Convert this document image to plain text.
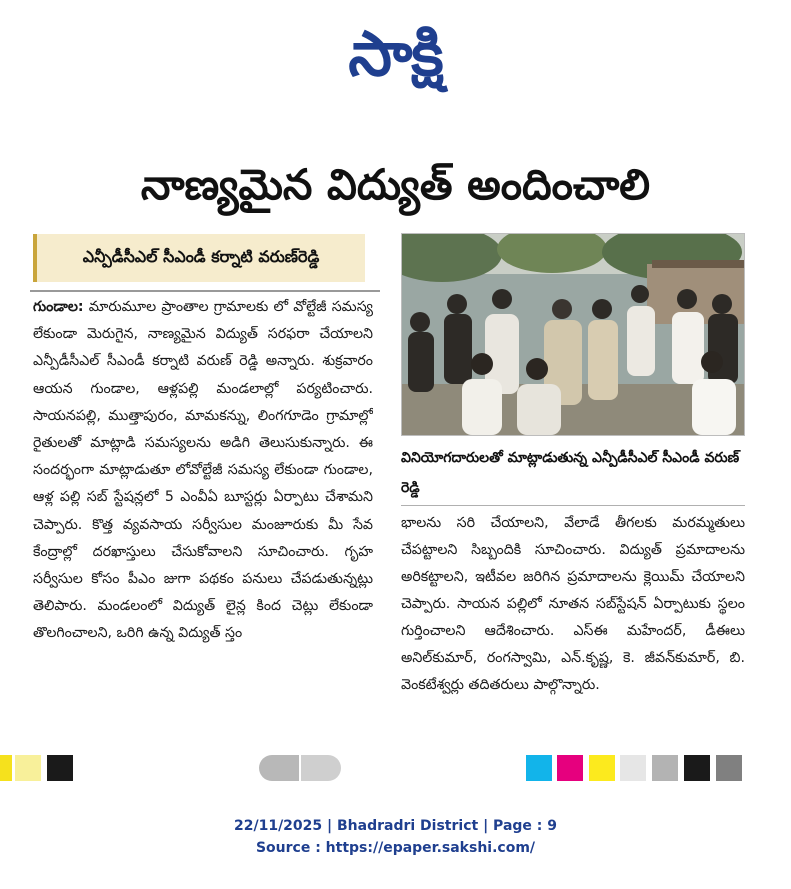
సాక్షి
నాణ్యమైన విద్యుత్ అందించాలి
ఎన్పీడీసీఎల్ సీఎండీ కర్నాటి వరుణ్‌రెడ్డి
గుండాల: మారుమూల ప్రాంతాల గ్రామాలకు లో వోల్టేజీ సమస్య లేకుండా మెరుగైన, నాణ్యమైన విద్యుత్ సరఫరా చేయాలని ఎన్పీడీసీఎల్ సీఎండీ కర్నాటి వరుణ్ రెడ్డి అన్నారు. శుక్రవారం ఆయన గుండాల, ఆళ్లపల్లి మండలాల్లో పర్యటించారు. సాయనపల్లి, ముత్తాపురం, మామకన్ను, లింగగూడెం గ్రామాల్లో రైతులతో మాట్లాడి సమస్యలను అడిగి తెలుసుకున్నారు. ఈ సందర్భంగా మాట్లాడుతూ లోవోల్టేజీ సమస్య లేకుండా గుండాల, ఆళ్ల పల్లి సబ్ స్టేషన్లలో 5 ఎంవీఏ బూస్టర్లు ఏర్పాటు చేశామని చెప్పారు. కొత్త వ్యవసాయ సర్వీసుల మంజూరుకు మీ సేవ కేంద్రాల్లో దరఖాస్తులు చేసుకోవాలని సూచించారు. గృహ సర్వీసుల కోసం పీఎం జుగా పథకం పనులు చేపడుతున్నట్లు తెలిపారు. మండలంలో విద్యుత్ లైన్ల కింద చెట్లు లేకుండా తొలగించాలని, ఒరిగి ఉన్న విద్యుత్ స్తం
వినియోగదారులతో మాట్లాడుతున్న ఎన్పీడీసీఎల్ సీఎండీ వరుణ్ రెడ్డి
భాలను సరి చేయాలని, వేలాడే తీగలకు మరమ్మతులు చేపట్టాలని సిబ్బందికి సూచించారు. విద్యుత్ ప్రమాదాలను అరికట్టాలని, ఇటీవల జరిగిన ప్రమాదాలను క్లెయిమ్ చేయాలని చెప్పారు. సాయన పల్లిలో నూతన సబ్‌స్టేషన్ ఏర్పాటుకు స్థలం గుర్తించాలని ఆదేశించారు. ఎస్ఈ మహేందర్, డీఈలు అనిల్‌కుమార్, రంగస్వామి, ఎన్.కృష్ణ, కె. జీవన్‌కుమార్, బి. వెంకటేశ్వర్లు తదితరులు పాల్గొన్నారు.
22/11/2025 | Bhadradri District | Page : 9
Source : https://epaper.sakshi.com/
